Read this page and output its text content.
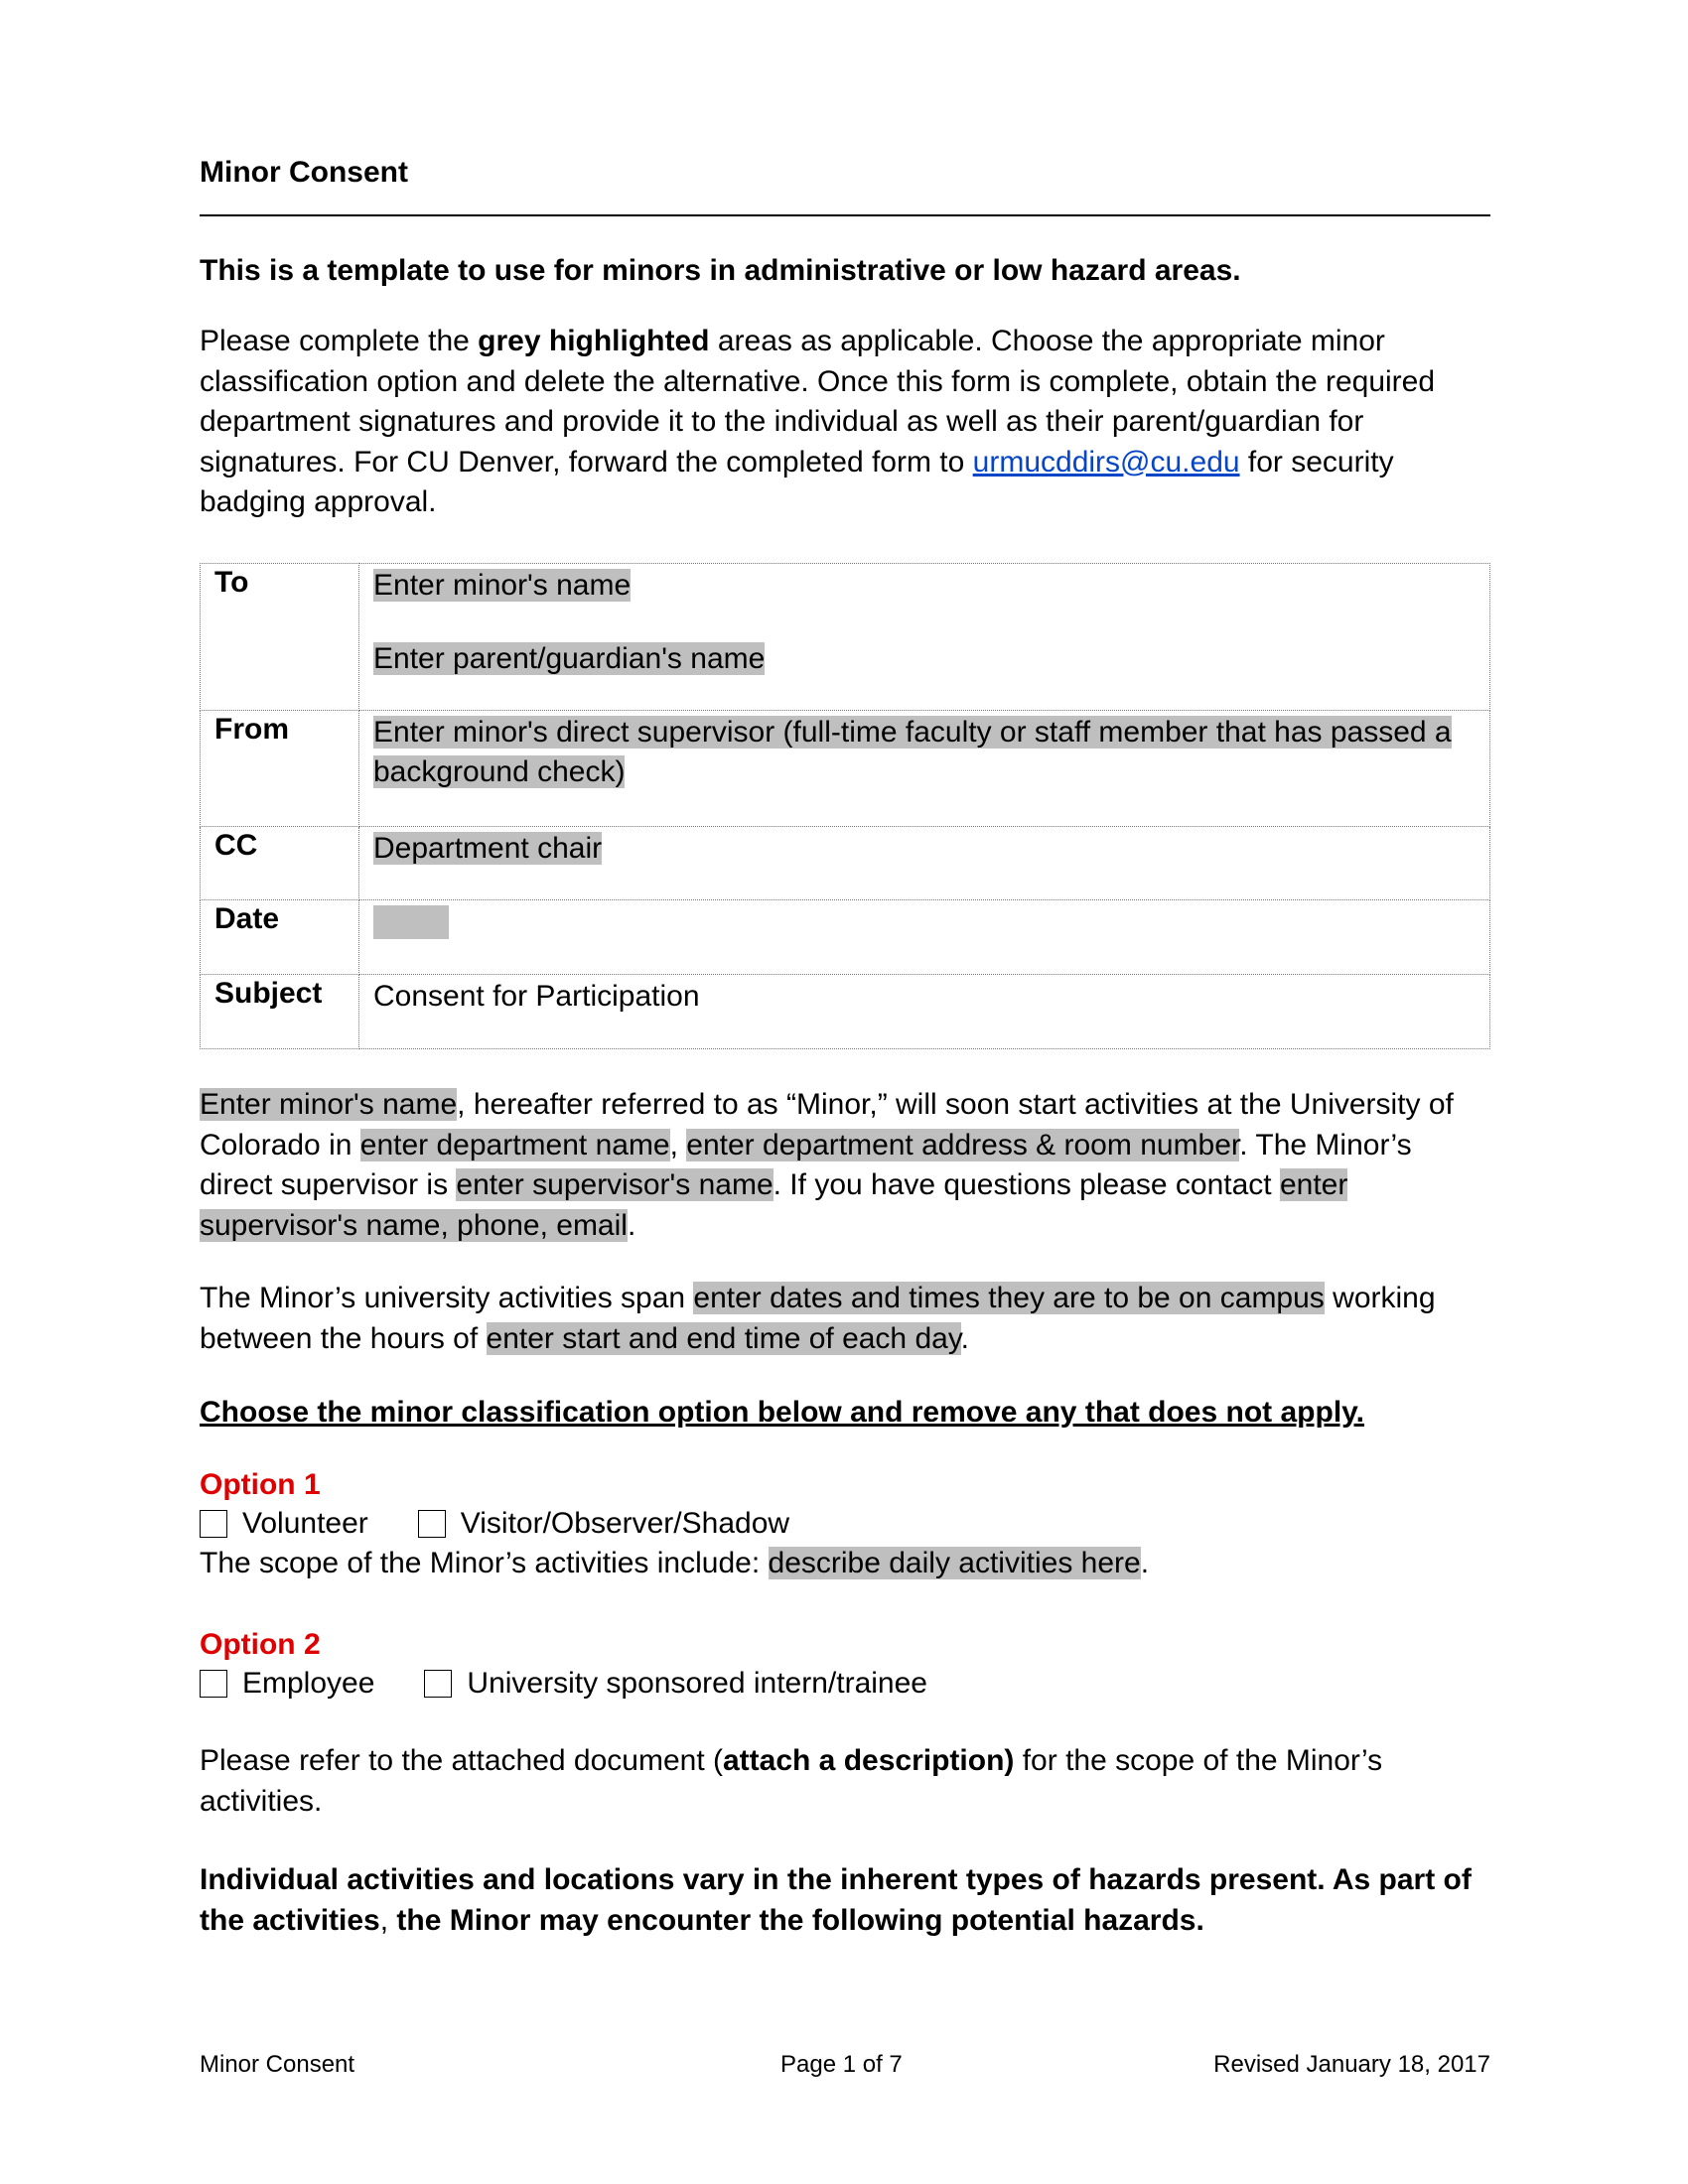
Minor Consent
This is a template to use for minors in administrative or low hazard areas.
Please complete the grey highlighted areas as applicable. Choose the appropriate minor classification option and delete the alternative. Once this form is complete, obtain the required department signatures and provide it to the individual as well as their parent/guardian for signatures. For CU Denver, forward the completed form to urmucddirs@cu.edu for security badging approval.
To	Enter minor's name

Enter parent/guardian's name
From	Enter minor's direct supervisor (full-time faculty or staff member that has passed a background check)
CC	Department chair
Date	
Subject	Consent for Participation
Enter minor's name, hereafter referred to as “Minor,” will soon start activities at the University of Colorado in enter department name, enter department address & room number. The Minor’s direct supervisor is enter supervisor's name. If you have questions please contact enter supervisor's name, phone, email.
The Minor’s university activities span enter dates and times they are to be on campus working between the hours of enter start and end time of each day.
Choose the minor classification option below and remove any that does not apply.
Option 1
Volunteer	Visitor/Observer/Shadow
The scope of the Minor’s activities include: describe daily activities here.
Option 2
Employee	University sponsored intern/trainee
Please refer to the attached document (attach a description) for the scope of the Minor’s activities.
Individual activities and locations vary in the inherent types of hazards present. As part of the activities, the Minor may encounter the following potential hazards.
Minor Consent	Page 1 of 7	Revised January 18, 2017
